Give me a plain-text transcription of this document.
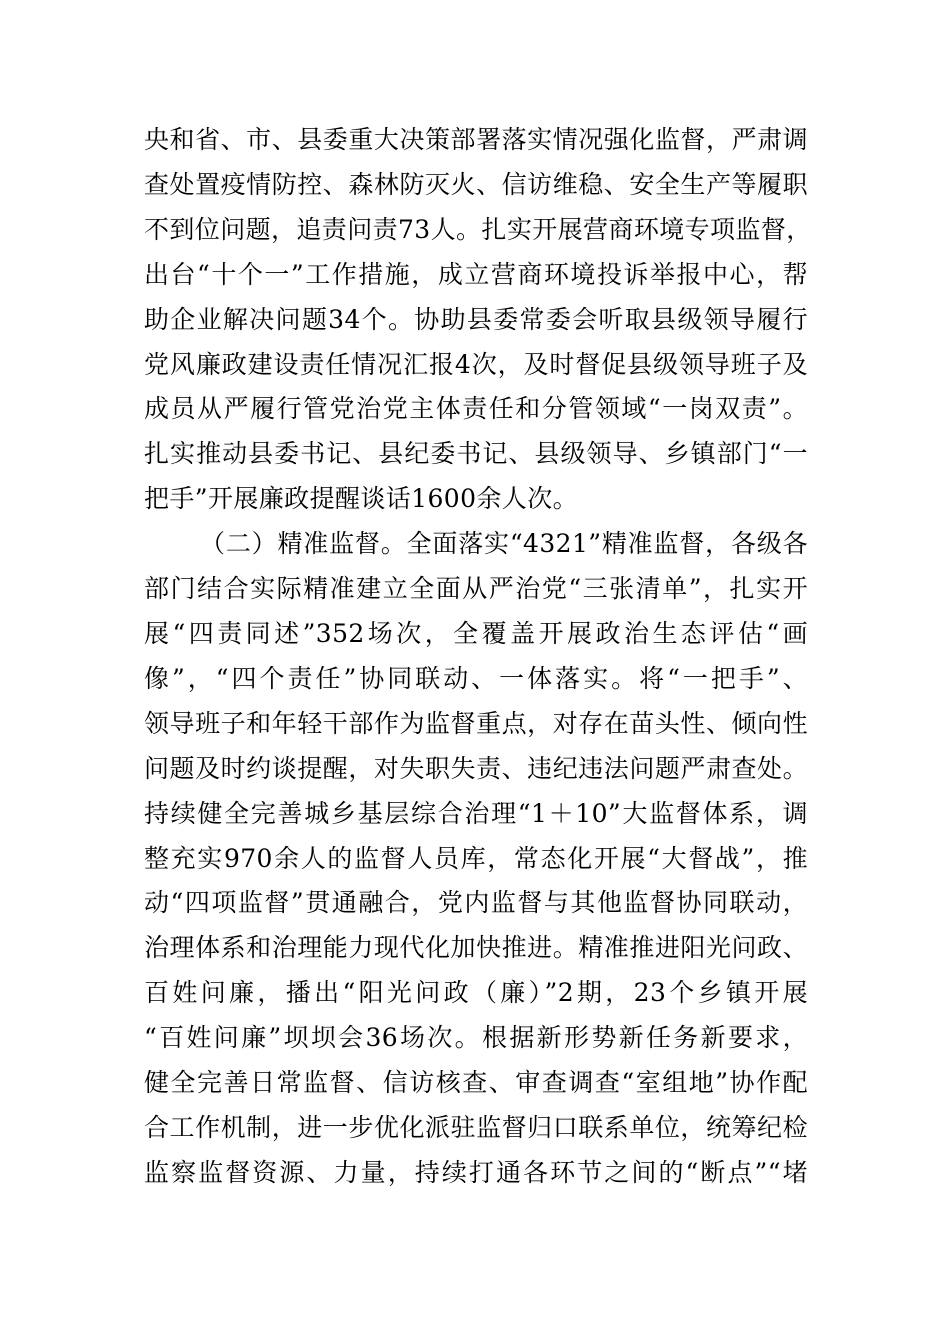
央和省、市、县委重大决策部署落实情况强化监督，严肃调
查处置疫情防控、森林防灭火、信访维稳、安全生产等履职
不到位问题，追责问责73人。扎实开展营商环境专项监督，
出台“十个一”工作措施，成立营商环境投诉举报中心，帮
助企业解决问题34个。协助县委常委会听取县级领导履行
党风廉政建设责任情况汇报4次，及时督促县级领导班子及
成员从严履行管党治党主体责任和分管领域“一岗双责”。
扎实推动县委书记、县纪委书记、县级领导、乡镇部门“一
把手”开展廉政提醒谈话1600余人次。
（二）精准监督。全面落实“4321”精准监督，各级各
部门结合实际精准建立全面从严治党“三张清单”，扎实开
展“四责同述”352场次，全覆盖开展政治生态评估“画
像”，“四个责任”协同联动、一体落实。将“一把手”、
领导班子和年轻干部作为监督重点，对存在苗头性、倾向性
问题及时约谈提醒，对失职失责、违纪违法问题严肃查处。
持续健全完善城乡基层综合治理“1＋10”大监督体系，调
整充实970余人的监督人员库，常态化开展“大督战”，推
动“四项监督”贯通融合，党内监督与其他监督协同联动，
治理体系和治理能力现代化加快推进。精准推进阳光问政、
百姓问廉，播出“阳光问政（廉）”2期，23个乡镇开展
“百姓问廉”坝坝会36场次。根据新形势新任务新要求，
健全完善日常监督、信访核查、审查调查“室组地”协作配
合工作机制，进一步优化派驻监督归口联系单位，统筹纪检
监察监督资源、力量，持续打通各环节之间的“断点”“堵
